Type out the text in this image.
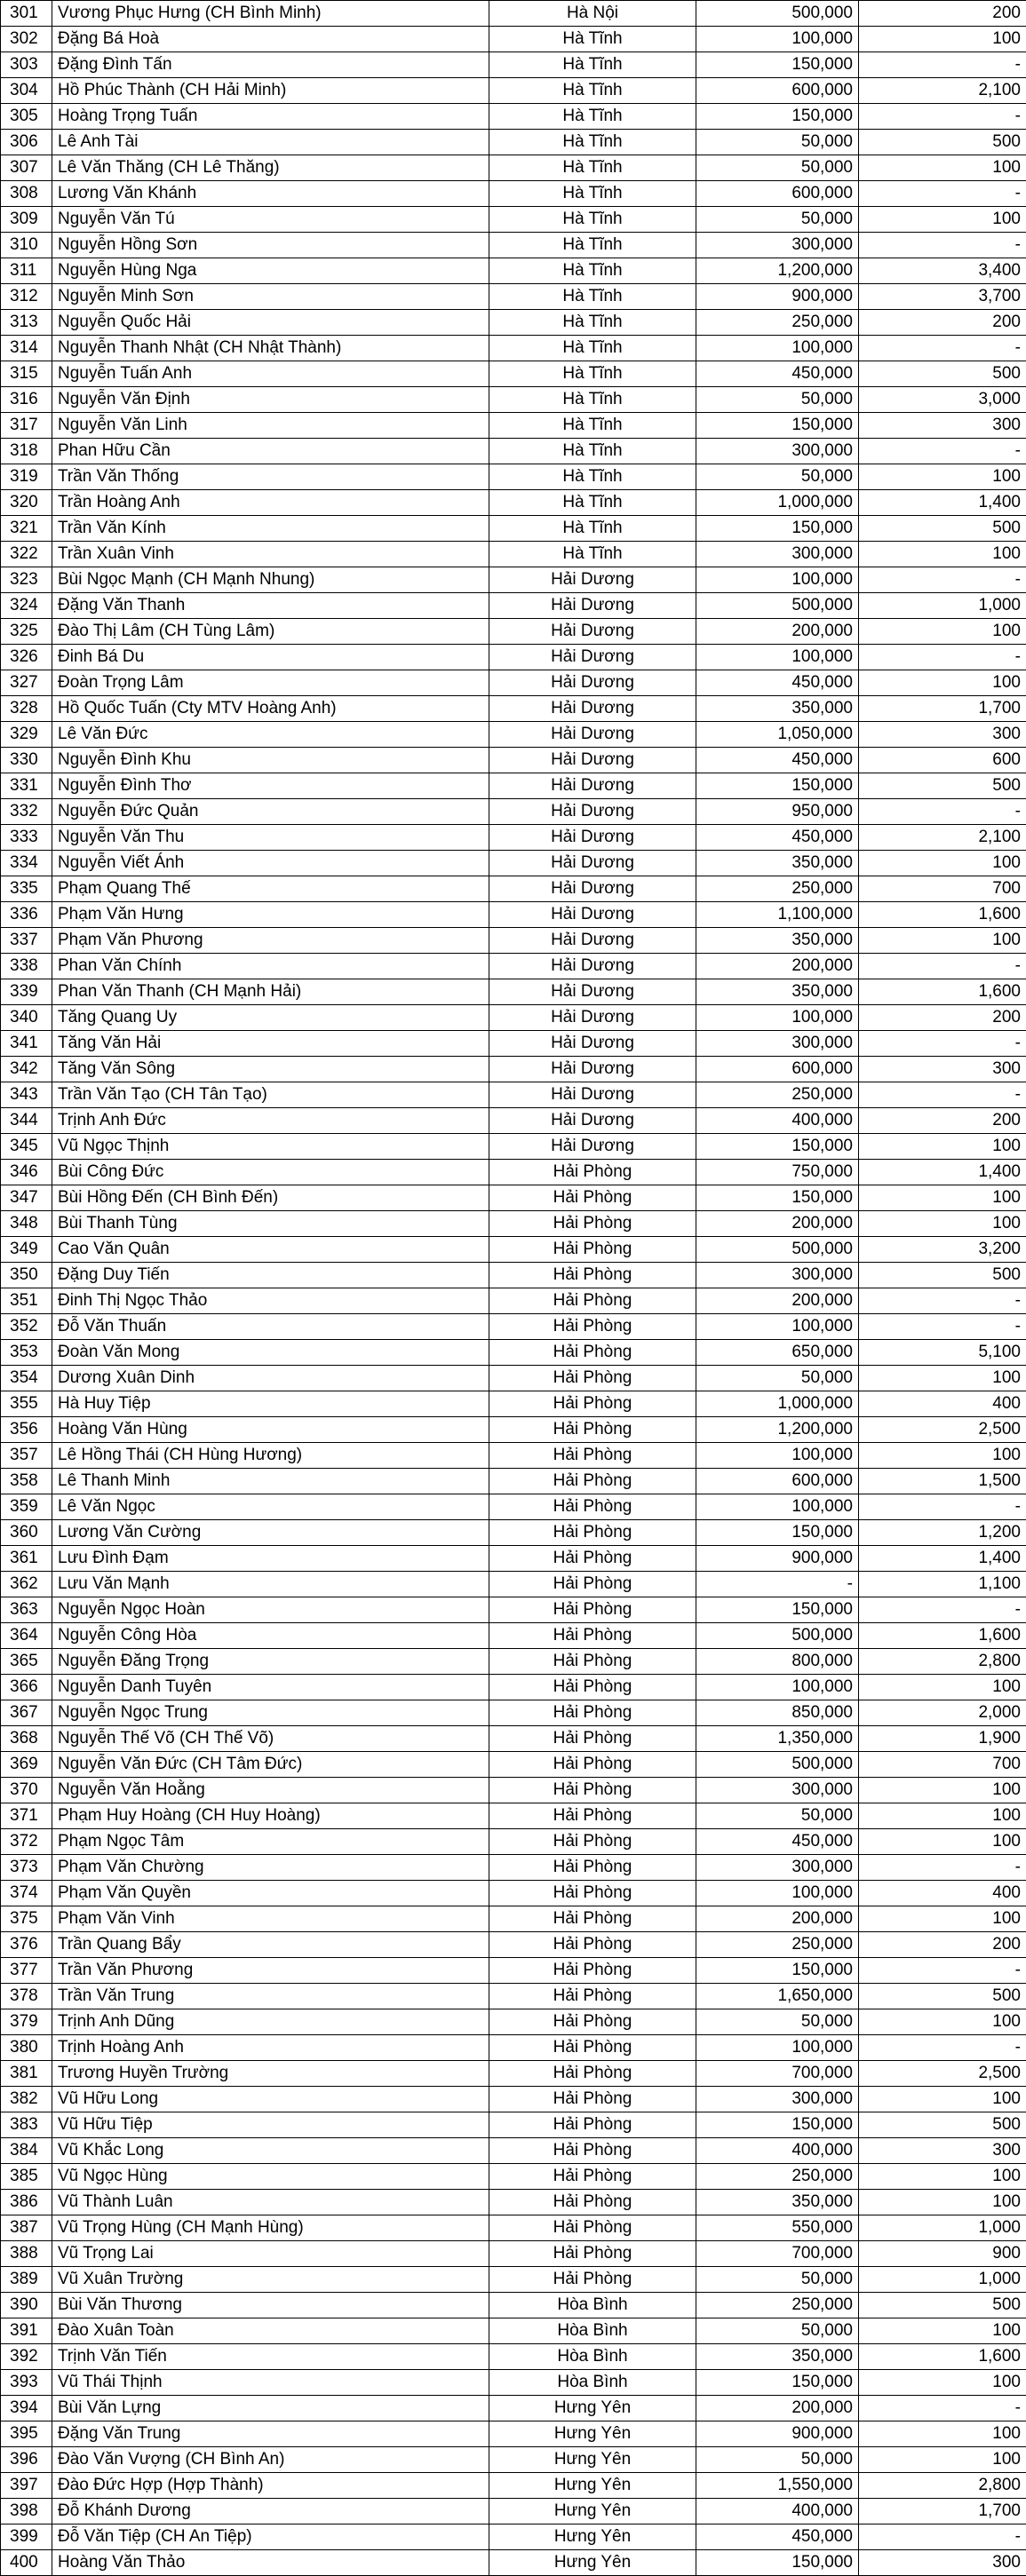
301	Vương Phục Hưng (CH Bình Minh)	Hà Nội	500,000	200
302	Đặng Bá Hoà	Hà Tĩnh	100,000	100
303	Đặng Đình Tấn	Hà Tĩnh	150,000	-
304	Hồ Phúc Thành (CH Hải Minh)	Hà Tĩnh	600,000	2,100
305	Hoàng Trọng Tuấn	Hà Tĩnh	150,000	-
306	Lê Anh Tài	Hà Tĩnh	50,000	500
307	Lê Văn Thăng (CH Lê Thăng)	Hà Tĩnh	50,000	100
308	Lương Văn Khánh	Hà Tĩnh	600,000	-
309	Nguyễn Văn Tú	Hà Tĩnh	50,000	100
310	Nguyễn Hồng Sơn	Hà Tĩnh	300,000	-
311	Nguyễn Hùng Nga	Hà Tĩnh	1,200,000	3,400
312	Nguyễn Minh Sơn	Hà Tĩnh	900,000	3,700
313	Nguyễn Quốc Hải	Hà Tĩnh	250,000	200
314	Nguyễn Thanh Nhật (CH Nhật Thành)	Hà Tĩnh	100,000	-
315	Nguyễn Tuấn Anh	Hà Tĩnh	450,000	500
316	Nguyễn Văn Định	Hà Tĩnh	50,000	3,000
317	Nguyễn Văn Linh	Hà Tĩnh	150,000	300
318	Phan Hữu Cần	Hà Tĩnh	300,000	-
319	Trần Văn Thống	Hà Tĩnh	50,000	100
320	Trần Hoàng Anh	Hà Tĩnh	1,000,000	1,400
321	Trần Văn Kính	Hà Tĩnh	150,000	500
322	Trần Xuân Vinh	Hà Tĩnh	300,000	100
323	Bùi Ngọc Mạnh (CH Mạnh Nhung)	Hải Dương	100,000	-
324	Đặng Văn Thanh	Hải Dương	500,000	1,000
325	Đào Thị Lâm (CH Tùng Lâm)	Hải Dương	200,000	100
326	Đinh Bá Du	Hải Dương	100,000	-
327	Đoàn Trọng Lâm	Hải Dương	450,000	100
328	Hồ Quốc Tuấn (Cty MTV Hoàng Anh)	Hải Dương	350,000	1,700
329	Lê Văn Đức	Hải Dương	1,050,000	300
330	Nguyễn Đình Khu	Hải Dương	450,000	600
331	Nguyễn Đình Thơ	Hải Dương	150,000	500
332	Nguyễn Đức Quản	Hải Dương	950,000	-
333	Nguyễn Văn Thu	Hải Dương	450,000	2,100
334	Nguyễn Viết Ánh	Hải Dương	350,000	100
335	Phạm Quang Thế	Hải Dương	250,000	700
336	Phạm Văn Hưng	Hải Dương	1,100,000	1,600
337	Phạm Văn Phương	Hải Dương	350,000	100
338	Phan Văn Chính	Hải Dương	200,000	-
339	Phan Văn Thanh (CH Mạnh Hải)	Hải Dương	350,000	1,600
340	Tăng Quang Uy	Hải Dương	100,000	200
341	Tăng Văn Hải	Hải Dương	300,000	-
342	Tăng Văn Sông	Hải Dương	600,000	300
343	Trần Văn Tạo (CH Tân Tạo)	Hải Dương	250,000	-
344	Trịnh Anh Đức	Hải Dương	400,000	200
345	Vũ Ngọc Thịnh	Hải Dương	150,000	100
346	Bùi Công Đức	Hải Phòng	750,000	1,400
347	Bùi Hồng Đến (CH Bình Đến)	Hải Phòng	150,000	100
348	Bùi Thanh Tùng	Hải Phòng	200,000	100
349	Cao Văn Quân	Hải Phòng	500,000	3,200
350	Đặng Duy Tiến	Hải Phòng	300,000	500
351	Đinh Thị Ngọc Thảo	Hải Phòng	200,000	-
352	Đỗ Văn Thuấn	Hải Phòng	100,000	-
353	Đoàn Văn Mong	Hải Phòng	650,000	5,100
354	Dương Xuân Dinh	Hải Phòng	50,000	100
355	Hà Huy Tiệp	Hải Phòng	1,000,000	400
356	Hoàng Văn Hùng	Hải Phòng	1,200,000	2,500
357	Lê Hồng Thái (CH Hùng Hương)	Hải Phòng	100,000	100
358	Lê Thanh Minh	Hải Phòng	600,000	1,500
359	Lê Văn Ngọc	Hải Phòng	100,000	-
360	Lương Văn Cường	Hải Phòng	150,000	1,200
361	Lưu Đình Đạm	Hải Phòng	900,000	1,400
362	Lưu Văn Mạnh	Hải Phòng	-	1,100
363	Nguyễn Ngọc Hoàn	Hải Phòng	150,000	-
364	Nguyễn Công Hòa	Hải Phòng	500,000	1,600
365	Nguyễn Đăng Trọng	Hải Phòng	800,000	2,800
366	Nguyễn Danh Tuyên	Hải Phòng	100,000	100
367	Nguyễn Ngọc Trung	Hải Phòng	850,000	2,000
368	Nguyễn Thế Võ (CH Thế Võ)	Hải Phòng	1,350,000	1,900
369	Nguyễn Văn Đức (CH Tâm Đức)	Hải Phòng	500,000	700
370	Nguyễn Văn Hoằng	Hải Phòng	300,000	100
371	Phạm Huy Hoàng (CH Huy Hoàng)	Hải Phòng	50,000	100
372	Phạm Ngọc Tâm	Hải Phòng	450,000	100
373	Phạm Văn Chường	Hải Phòng	300,000	-
374	Phạm Văn Quyền	Hải Phòng	100,000	400
375	Phạm Văn Vinh	Hải Phòng	200,000	100
376	Trần Quang Bẩy	Hải Phòng	250,000	200
377	Trần Văn Phương	Hải Phòng	150,000	-
378	Trần Văn Trung	Hải Phòng	1,650,000	500
379	Trịnh Anh Dũng	Hải Phòng	50,000	100
380	Trịnh Hoàng Anh	Hải Phòng	100,000	-
381	Trương Huyền Trường	Hải Phòng	700,000	2,500
382	Vũ Hữu Long	Hải Phòng	300,000	100
383	Vũ Hữu Tiệp	Hải Phòng	150,000	500
384	Vũ Khắc Long	Hải Phòng	400,000	300
385	Vũ Ngọc Hùng	Hải Phòng	250,000	100
386	Vũ Thành Luân	Hải Phòng	350,000	100
387	Vũ Trọng Hùng (CH Mạnh Hùng)	Hải Phòng	550,000	1,000
388	Vũ Trọng Lai	Hải Phòng	700,000	900
389	Vũ Xuân Trường	Hải Phòng	50,000	1,000
390	Bùi Văn Thương	Hòa Bình	250,000	500
391	Đào Xuân Toàn	Hòa Bình	50,000	100
392	Trịnh Văn Tiến	Hòa Bình	350,000	1,600
393	Vũ Thái Thịnh	Hòa Bình	150,000	100
394	Bùi Văn Lựng	Hưng Yên	200,000	-
395	Đặng Văn Trung	Hưng Yên	900,000	100
396	Đào Văn Vượng (CH Bình An)	Hưng Yên	50,000	100
397	Đào Đức Hợp (Hợp Thành)	Hưng Yên	1,550,000	2,800
398	Đỗ Khánh Dương	Hưng Yên	400,000	1,700
399	Đỗ Văn Tiệp (CH An Tiệp)	Hưng Yên	450,000	-
400	Hoàng Văn Thảo	Hưng Yên	150,000	300
